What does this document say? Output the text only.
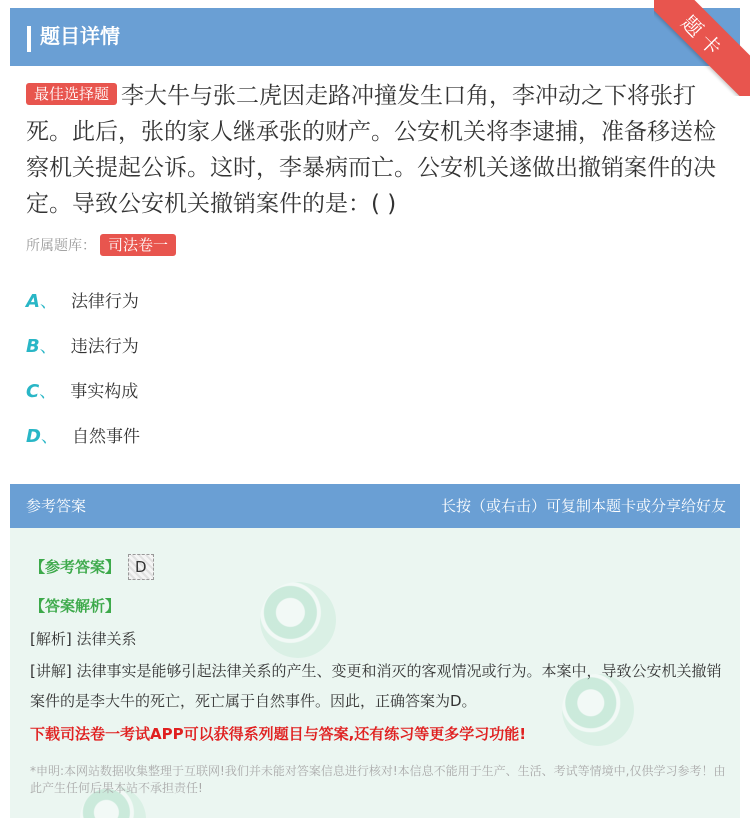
题目详情	题卡
最佳选择题 李大牛与张二虎因走路冲撞发生口角，李冲动之下将张打死。此后，张的家人继承张的财产。公安机关将李逮捕，准备移送检察机关提起公诉。这时，李暴病而亡。公安机关遂做出撤销案件的决定。导致公安机关撤销案件的是：( )
所属题库： 司法卷一
A、 法律行为
B、 违法行为
C、 事实构成
D、 自然事件
参考答案	长按（或右击）可复制本题卡或分享给好友
【参考答案】 D
【答案解析】
[解析] 法律关系
[讲解] 法律事实是能够引起法律关系的产生、变更和消灭的客观情况或行为。本案中，导致公安机关撤销案件的是李大牛的死亡，死亡属于自然事件。因此，正确答案为D。
下载司法卷一考试APP可以获得系列题目与答案,还有练习等更多学习功能!
*申明:本网站数据收集整理于互联网!我们并未能对答案信息进行核对!本信息不能用于生产、生活、考试等情境中,仅供学习参考！由此产生任何后果本站不承担责任!
